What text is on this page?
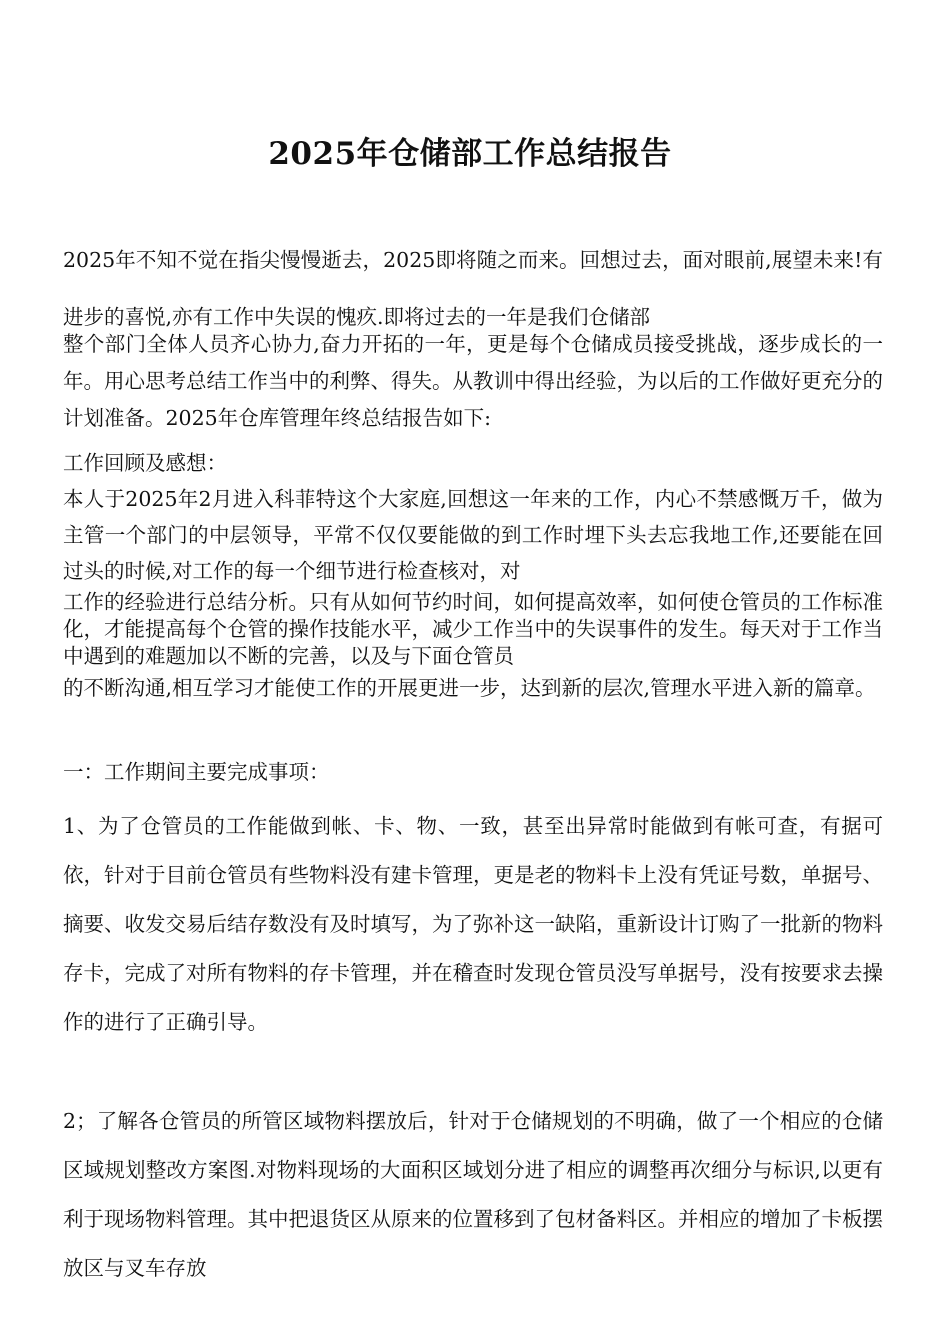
2025年仓储部工作总结报告

2025年不知不觉在指尖慢慢逝去，2025即将随之而来。回想过去，面对眼前,展望未来!有进步的喜悦,亦有工作中失误的愧疚.即将过去的一年是我们仓储部

整个部门全体人员齐心协力,奋力开拓的一年，更是每个仓储成员接受挑战，逐步成长的一年。用心思考总结工作当中的利弊、得失。从教训中得出经验，为以后的工作做好更充分的计划准备。2025年仓库管理年终总结报告如下:

工作回顾及感想：

本人于2025年2月进入科菲特这个大家庭,回想这一年来的工作，内心不禁感慨万千，做为主管一个部门的中层领导，平常不仅仅要能做的到工作时埋下头去忘我地工作,还要能在回过头的时候,对工作的每一个细节进行检查核对，对

工作的经验进行总结分析。只有从如何节约时间，如何提高效率，如何使仓管员的工作标准化，才能提高每个仓管的操作技能水平，减少工作当中的失误事件的发生。每天对于工作当中遇到的难题加以不断的完善，以及与下面仓管员

的不断沟通,相互学习才能使工作的开展更进一步，达到新的层次,管理水平进入新的篇章。

一：工作期间主要完成事项：

1、为了仓管员的工作能做到帐、卡、物、一致，甚至出异常时能做到有帐可查，有据可依，针对于目前仓管员有些物料没有建卡管理，更是老的物料卡上没有凭证号数，单据号、摘要、收发交易后结存数没有及时填写，为了弥补这一缺陷，重新设计订购了一批新的物料存卡，完成了对所有物料的存卡管理，并在稽查时发现仓管员没写单据号，没有按要求去操作的进行了正确引导。

2；了解各仓管员的所管区域物料摆放后，针对于仓储规划的不明确，做了一个相应的仓储区域规划整改方案图.对物料现场的大面积区域划分进了相应的调整再次细分与标识,以更有利于现场物料管理。其中把退货区从原来的位置移到了包材备料区。并相应的增加了卡板摆放区与叉车存放
